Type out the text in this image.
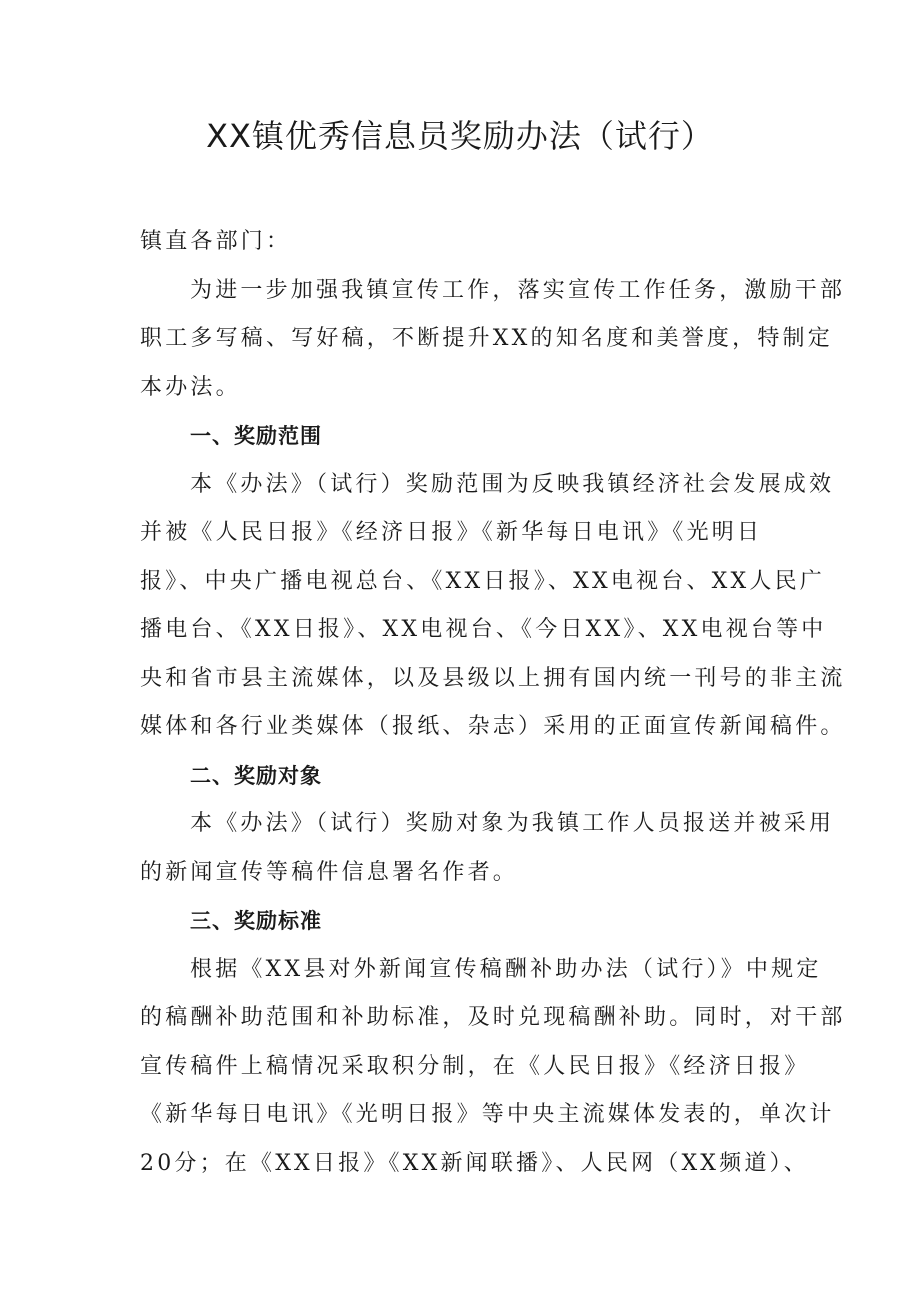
XX镇优秀信息员奖励办法（试行）

镇直各部门：

为进一步加强我镇宣传工作，落实宣传工作任务，激励干部
职工多写稿、写好稿，不断提升XX的知名度和美誉度，特制定
本办法。

一、奖励范围

本《办法》（试行）奖励范围为反映我镇经济社会发展成效
并被《人民日报》《经济日报》《新华每日电讯》《光明日
报》、中央广播电视总台、《XX日报》、XX电视台、XX人民广
播电台、《XX日报》、XX电视台、《今日XX》、XX电视台等中
央和省市县主流媒体，以及县级以上拥有国内统一刊号的非主流
媒体和各行业类媒体（报纸、杂志）采用的正面宣传新闻稿件。

二、奖励对象

本《办法》（试行）奖励对象为我镇工作人员报送并被采用
的新闻宣传等稿件信息署名作者。

三、奖励标准

根据《XX县对外新闻宣传稿酬补助办法（试行）》中规定
的稿酬补助范围和补助标准，及时兑现稿酬补助。同时，对干部
宣传稿件上稿情况采取积分制，在《人民日报》《经济日报》
《新华每日电讯》《光明日报》等中央主流媒体发表的，单次计
20分；在《XX日报》《XX新闻联播》、人民网（XX频道）、
